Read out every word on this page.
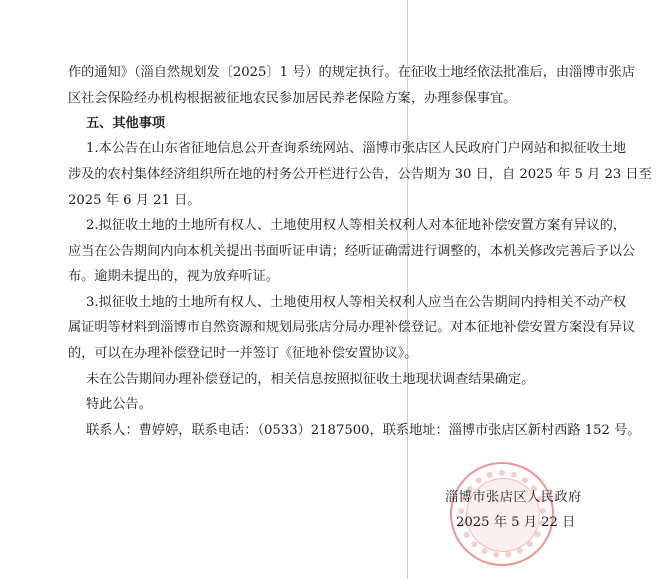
作的通知》（淄自然规划发〔2025〕1 号）的规定执行。在征收土地经依法批准后，由淄博市张店
区社会保险经办机构根据被征地农民参加居民养老保险方案，办理参保事宜。
五、其他事项
1.本公告在山东省征地信息公开查询系统网站、淄博市张店区人民政府门户网站和拟征收土地
涉及的农村集体经济组织所在地的村务公开栏进行公告，公告期为 30 日，自 2025 年 5 月 23 日至
2025 年 6 月 21 日。
2.拟征收土地的土地所有权人、土地使用权人等相关权利人对本征地补偿安置方案有异议的，
应当在公告期间内向本机关提出书面听证申请；经听证确需进行调整的，本机关修改完善后予以公
布。逾期未提出的，视为放弃听证。
3.拟征收土地的土地所有权人、土地使用权人等相关权利人应当在公告期间内持相关不动产权
属证明等材料到淄博市自然资源和规划局张店分局办理补偿登记。对本征地补偿安置方案没有异议
的，可以在办理补偿登记时一并签订《征地补偿安置协议》。
未在公告期间办理补偿登记的，相关信息按照拟征收土地现状调查结果确定。
特此公告。
联系人：曹婷婷，联系电话：（0533）2187500，联系地址：淄博市张店区新村西路 152 号。
淄博市张店区人民政府
2025 年 5 月 22 日
